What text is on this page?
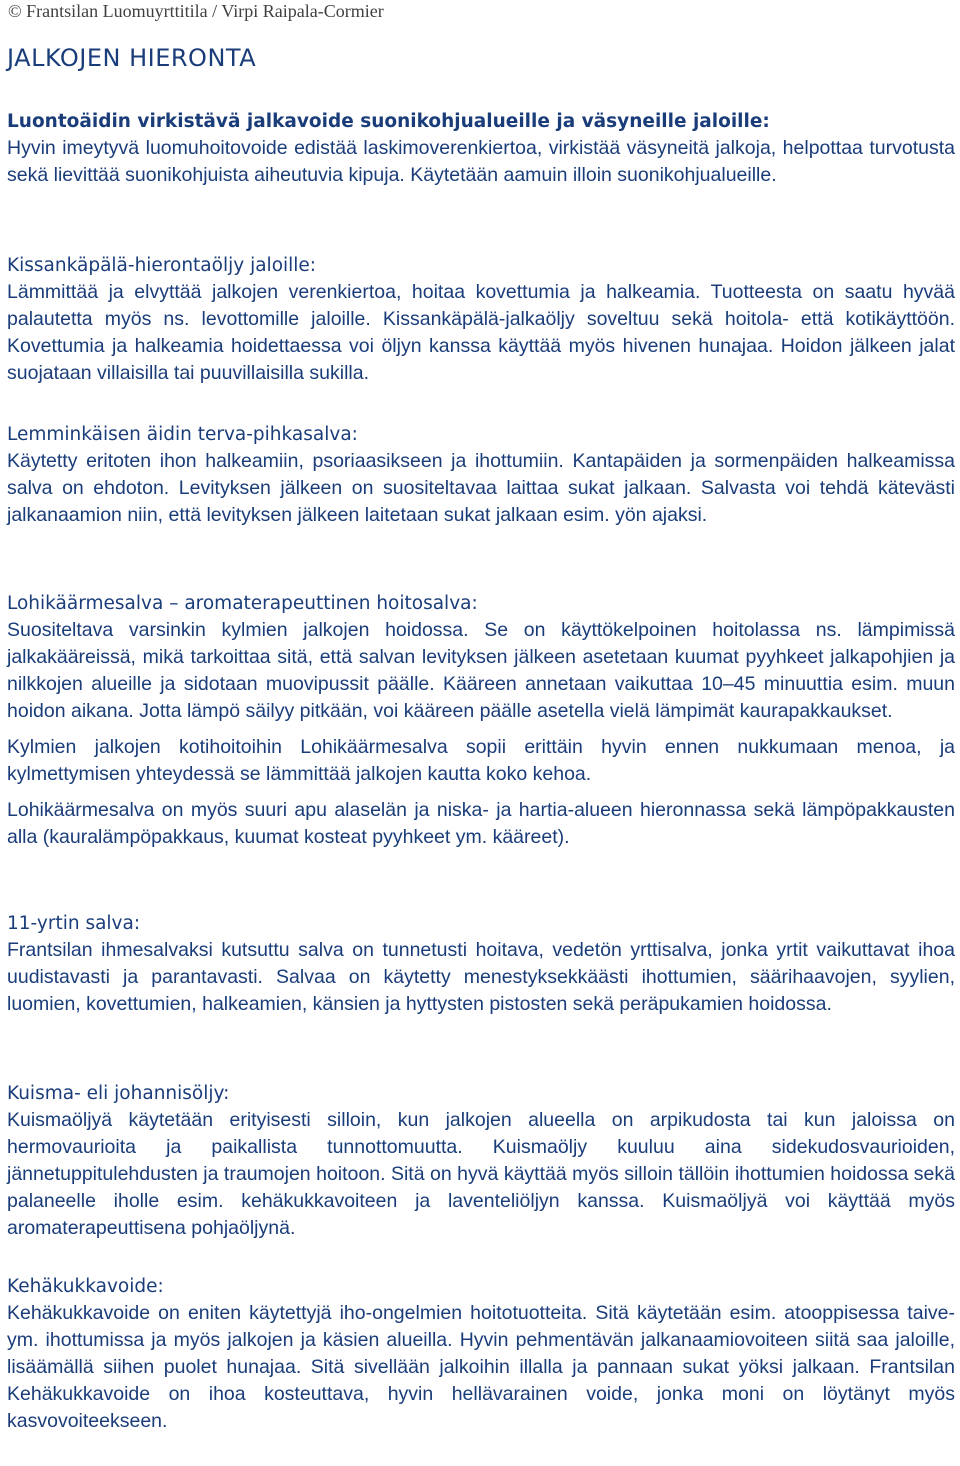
© Frantsilan Luomuyrttitila / Virpi Raipala-Cormier
JALKOJEN HIERONTA
Luontoäidin virkistävä jalkavoide suonikohjualueille ja väsyneille jaloille:

Hyvin imeytyvä luomuhoitovoide edistää laskimoverenkiertoa, virkistää väsyneitä jalkoja, helpottaa turvotusta sekä lievittää suonikohjuista aiheutuvia kipuja. Käytetään aamuin illoin suonikohjualueille.

Kissankäpälä-hierontaöljy jaloille:

Lämmittää ja elvyttää jalkojen verenkiertoa, hoitaa kovettumia ja halkeamia. Tuotteesta on saatu hyvää palautetta myös ns. levottomille jaloille. Kissankäpälä-jalkaöljy soveltuu sekä hoitola- että kotikäyttöön. Kovettumia ja halkeamia hoidettaessa voi öljyn kanssa käyttää myös hivenen hunajaa. Hoidon jälkeen jalat suojataan villaisilla tai puuvillaisilla sukilla.

Lemminkäisen äidin terva-pihkasalva:

Käytetty eritoten ihon halkeamiin, psoriaasikseen ja ihottumiin. Kantapäiden ja sormenpäiden halkeamissa salva on ehdoton. Levityksen jälkeen on suositeltavaa laittaa sukat jalkaan. Salvasta voi tehdä kätevästi jalkanaamion niin, että levityksen jälkeen laitetaan sukat jalkaan esim. yön ajaksi.

Lohikäärmesalva – aromaterapeuttinen hoitosalva:

Suositeltava varsinkin kylmien jalkojen hoidossa. Se on käyttökelpoinen hoitolassa ns. lämpimissä jalkakääreissä, mikä tarkoittaa sitä, että salvan levityksen jälkeen asetetaan kuumat pyyhkeet jalkapohjien ja nilkkojen alueille ja sidotaan muovipussit päälle. Kääreen annetaan vaikuttaa 10–45 minuuttia esim. muun hoidon aikana. Jotta lämpö säilyy pitkään, voi kääreen päälle asetella vielä lämpimät kaurapakkaukset.

Kylmien jalkojen kotihoitoihin Lohikäärmesalva sopii erittäin hyvin ennen nukkumaan menoa, ja kylmettymisen yhteydessä se lämmittää jalkojen kautta koko kehoa.

Lohikäärmesalva on myös suuri apu alaselän ja niska- ja hartia-alueen hieronnassa sekä lämpöpakkausten alla (kauralämpöpakkaus, kuumat kosteat pyyhkeet ym. kääreet).

11-yrtin salva:

Frantsilan ihmesalvaksi kutsuttu salva on tunnetusti hoitava, vedetön yrttisalva, jonka yrtit vaikuttavat ihoa uudistavasti ja parantavasti. Salvaa on käytetty menestyksekkäästi ihottumien, säärihaavojen, syylien, luomien, kovettumien, halkeamien, känsien ja hyttysten pistosten sekä peräpukamien hoidossa.

Kuisma- eli johannisöljy:

Kuismaöljyä käytetään erityisesti silloin, kun jalkojen alueella on arpikudosta tai kun jaloissa on hermovaurioita ja paikallista tunnottomuutta. Kuismaöljy kuuluu aina sidekudosvaurioiden, jännetuppitulehdusten ja traumojen hoitoon. Sitä on hyvä käyttää myös silloin tällöin ihottumien hoidossa sekä palaneelle iholle esim. kehäkukkavoiteen ja laventeliöljyn kanssa. Kuismaöljyä voi käyttää myös aromaterapeuttisena pohjaöljynä.

Kehäkukkavoide:

Kehäkukkavoide on eniten käytettyjä iho-ongelmien hoitotuotteita. Sitä käytetään esim. atooppisessa taive- ym. ihottumissa ja myös jalkojen ja käsien alueilla. Hyvin pehmentävän jalkanaamiovoiteen siitä saa jaloille, lisäämällä siihen puolet hunajaa. Sitä sivellään jalkoihin illalla ja pannaan sukat yöksi jalkaan. Frantsilan Kehäkukkavoide on ihoa kosteuttava, hyvin hellävarainen voide, jonka moni on löytänyt myös kasvovoiteekseen.
